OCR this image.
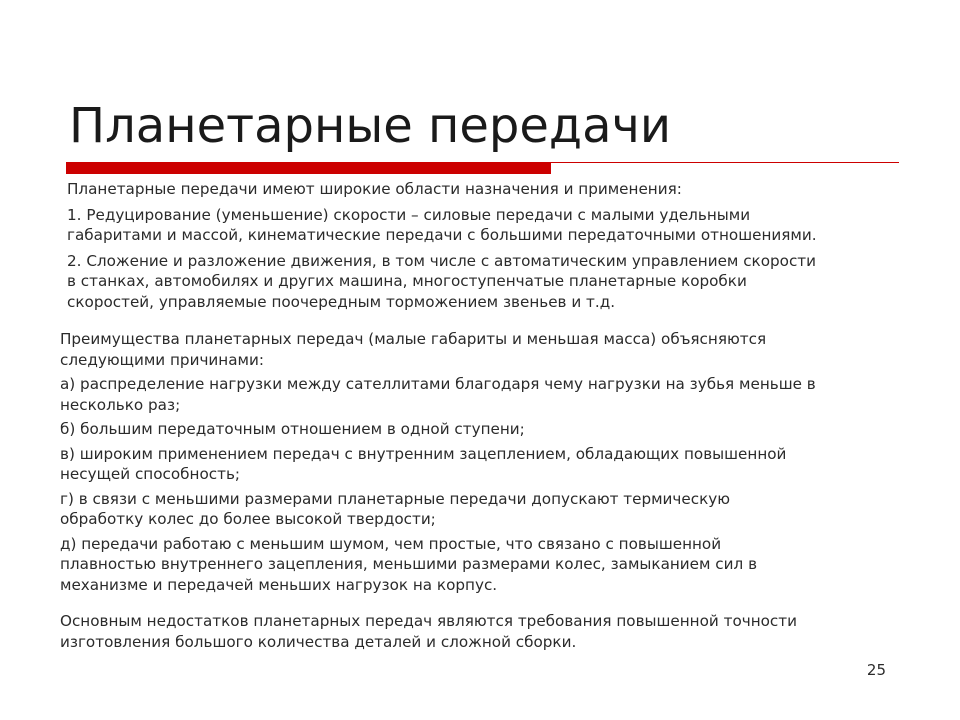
Планетарные передачи

Планетарные передачи имеют широкие области назначения и применения:

1. Редуцирование (уменьшение) скорости – силовые передачи с малыми удельными

габаритами и массой, кинематические передачи с большими передаточными отношениями.

2. Сложение и разложение движения, в том числе с автоматическим управлением скорости

в станках, автомобилях и других машина, многоступенчатые планетарные коробки

скоростей, управляемые поочередным торможением звеньев и т.д.

Преимущества планетарных передач (малые габариты и меньшая масса) объясняются

следующими причинами:

а) распределение нагрузки между сателлитами благодаря чему нагрузки на зубья меньше в

несколько раз;

б) большим передаточным отношением в одной ступени;

в) широким применением передач с внутренним зацеплением, обладающих повышенной

несущей способность;

г) в связи с меньшими размерами планетарные передачи допускают термическую

обработку колес до более высокой твердости;

д) передачи работаю с меньшим шумом, чем простые, что связано с повышенной

плавностью внутреннего зацепления, меньшими размерами колес, замыканием сил в

механизме и передачей меньших нагрузок на корпус.

Основным недостатков планетарных передач являются требования повышенной точности

изготовления большого количества деталей и сложной сборки.

25
